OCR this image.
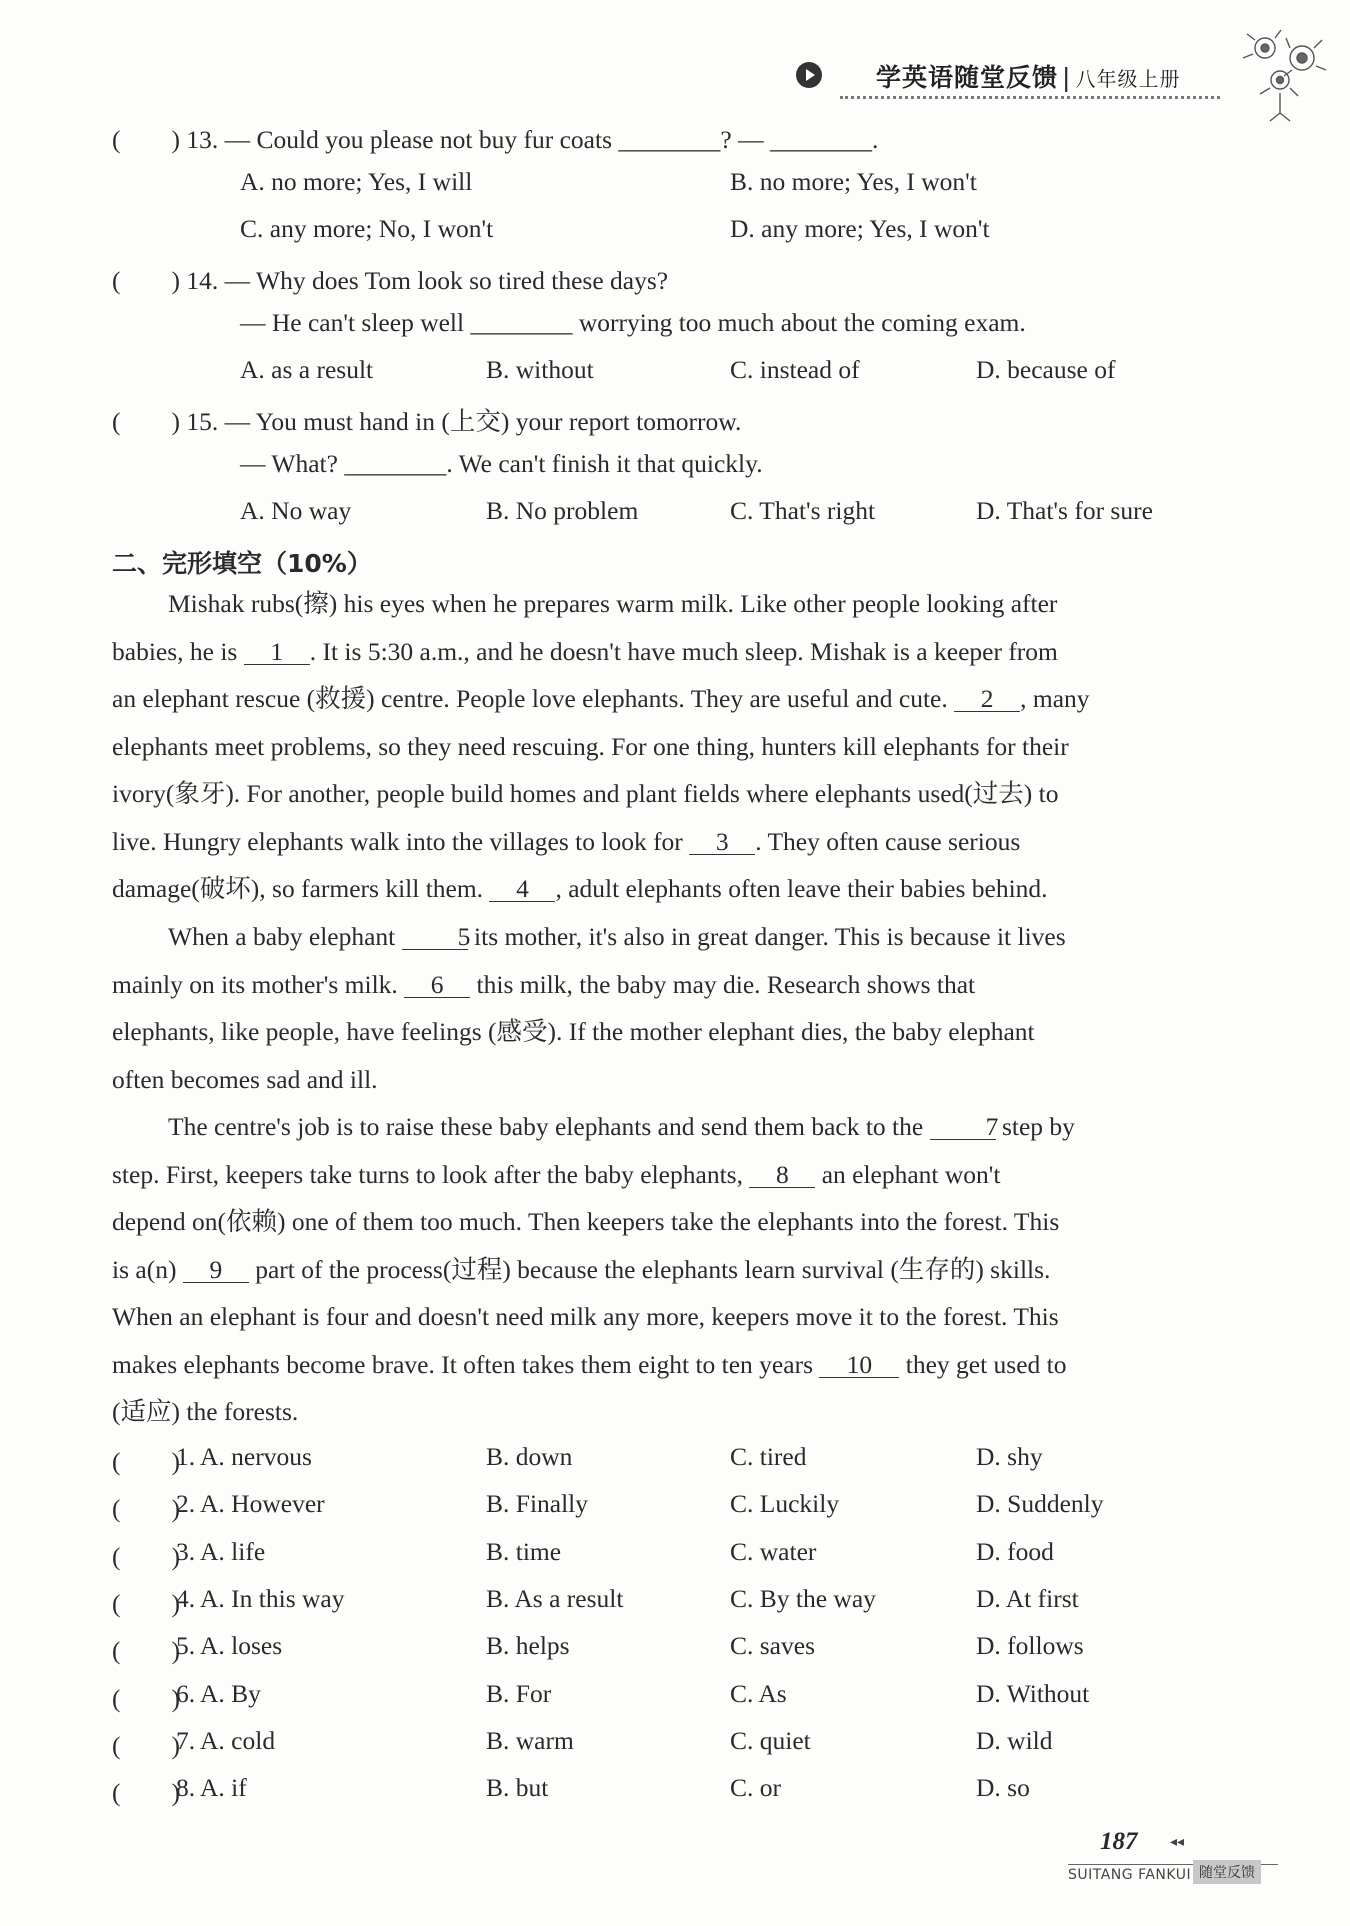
学英语随堂反馈 | 八年级上册
(　　) 13. — Could you please not buy fur coats ________? — ________.
A. no more; Yes, I will	B. no more; Yes, I won't
C. any more; No, I won't	D. any more; Yes, I won't
(　　) 14. — Why does Tom look so tired these days?
— He can't sleep well ________ worrying too much about the coming exam.
A. as a result	B. without	C. instead of	D. because of
(　　) 15. — You must hand in (上交) your report tomorrow.
— What? ________. We can't finish it that quickly.
A. No way	B. No problem	C. That's right	D. That's for sure
二、完形填空（10%）
Mishak rubs(擦) his eyes when he prepares warm milk. Like other people looking after
babies, he is 1 . It is 5:30 a.m., and he doesn't have much sleep. Mishak is a keeper from
an elephant rescue (救援) centre. People love elephants. They are useful and cute. 2 , many
elephants meet problems, so they need rescuing. For one thing, hunters kill elephants for their
ivory(象牙). For another, people build homes and plant fields where elephants used(过去) to
live. Hungry elephants walk into the villages to look for 3 . They often cause serious
damage(破坏), so farmers kill them. 4 , adult elephants often leave their babies behind.
When a baby elephant 5 its mother, it's also in great danger. This is because it lives
mainly on its mother's milk. 6 this milk, the baby may die. Research shows that
elephants, like people, have feelings (感受). If the mother elephant dies, the baby elephant
often becomes sad and ill.
The centre's job is to raise these baby elephants and send them back to the 7 step by
step. First, keepers take turns to look after the baby elephants, 8 an elephant won't
depend on(依赖) one of them too much. Then keepers take the elephants into the forest. This
is a(n) 9 part of the process(过程) because the elephants learn survival (生存的) skills.
When an elephant is four and doesn't need milk any more, keepers move it to the forest. This
makes elephants become brave. It often takes them eight to ten years 10 they get used to
(适应) the forests.
(　　)
1. A. nervous	B. down	C. tired	D. shy
(　　)
2. A. However	B. Finally	C. Luckily	D. Suddenly
(　　)
3. A. life	B. time	C. water	D. food
(　　)
4. A. In this way	B. As a result	C. By the way	D. At first
(　　)
5. A. loses	B. helps	C. saves	D. follows
(　　)
6. A. By	B. For	C. As	D. Without
(　　)
7. A. cold	B. warm	C. quiet	D. wild
(　　)
8. A. if	B. but	C. or	D. so
187 ◂◂
SUITANG FANKUI 随堂反馈
